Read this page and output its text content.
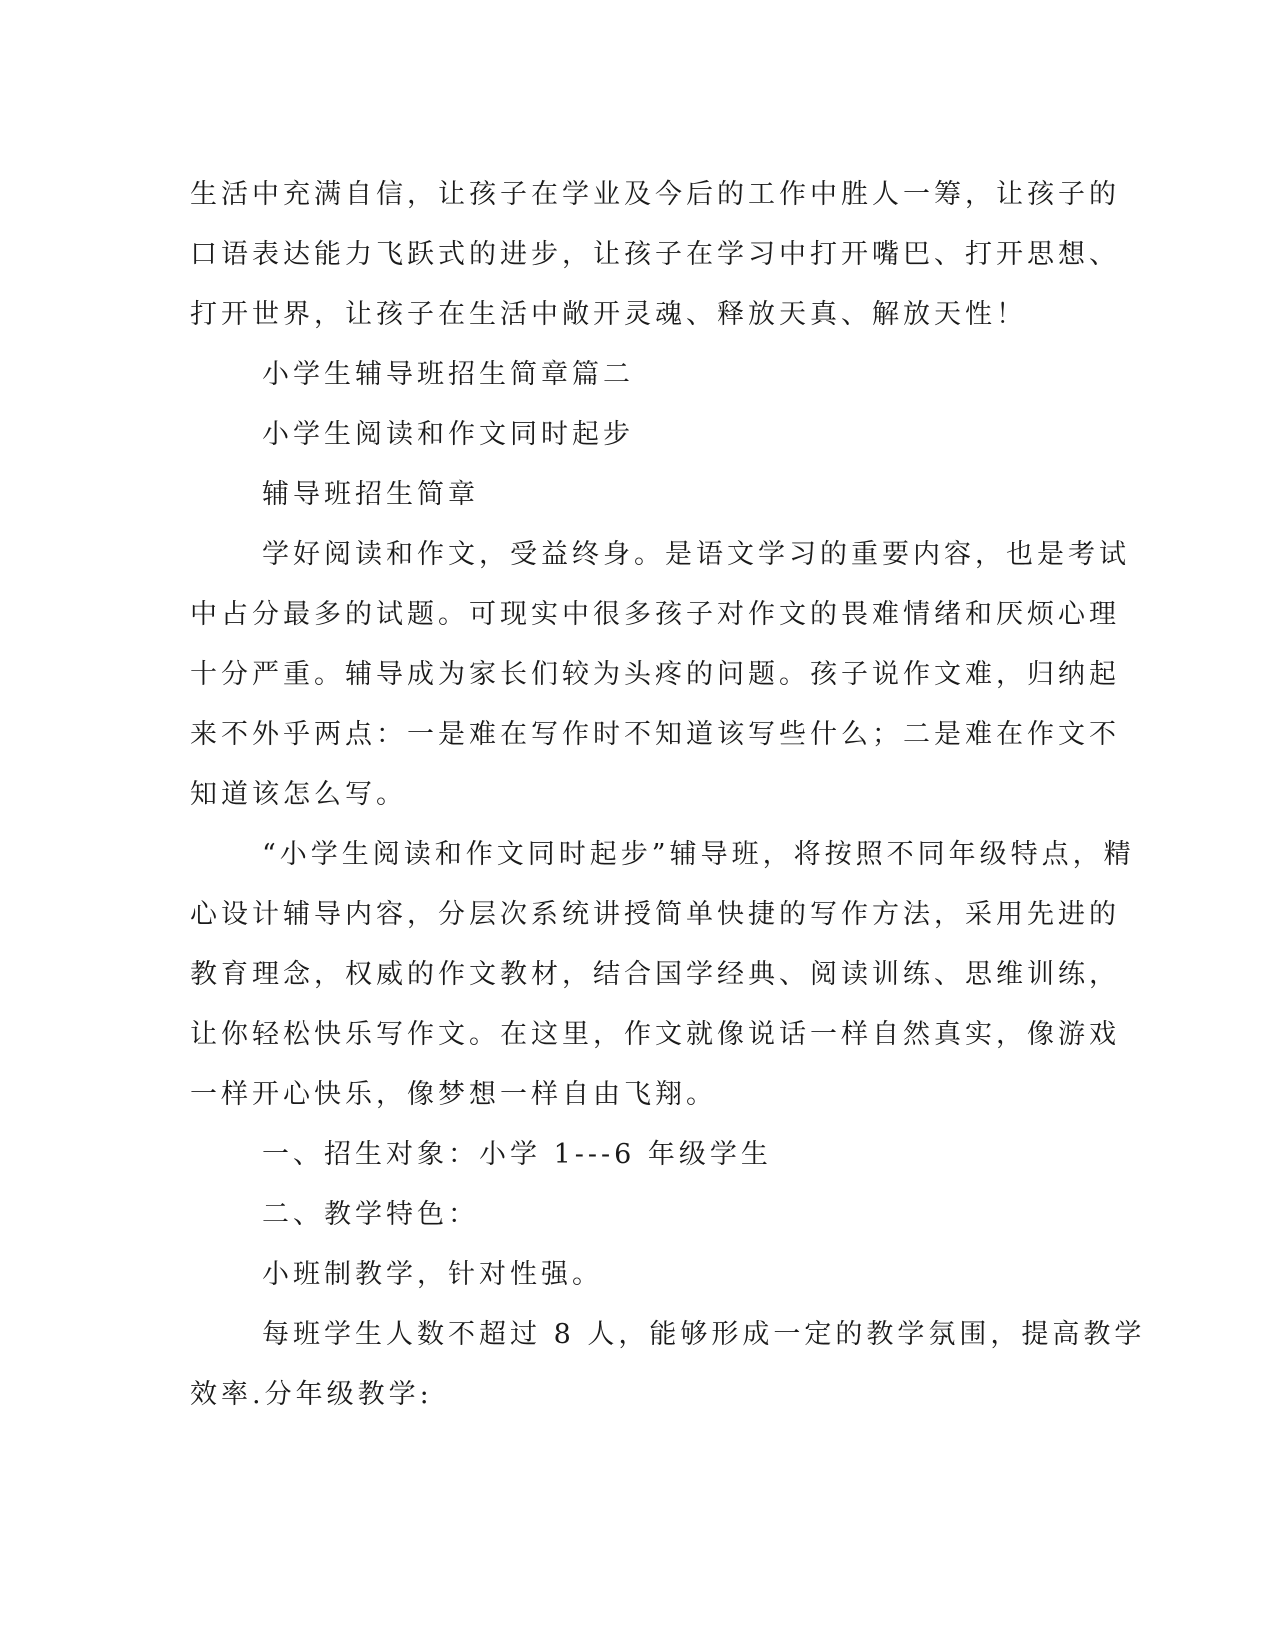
生活中充满自信，让孩子在学业及今后的工作中胜人一筹，让孩子的
口语表达能力飞跃式的进步，让孩子在学习中打开嘴巴、打开思想、
打开世界，让孩子在生活中敞开灵魂、释放天真、解放天性！
小学生辅导班招生简章篇二
小学生阅读和作文同时起步
辅导班招生简章
学好阅读和作文，受益终身。是语文学习的重要内容，也是考试
中占分最多的试题。可现实中很多孩子对作文的畏难情绪和厌烦心理
十分严重。辅导成为家长们较为头疼的问题。孩子说作文难，归纳起
来不外乎两点：一是难在写作时不知道该写些什么；二是难在作文不
知道该怎么写。
“小学生阅读和作文同时起步”辅导班，将按照不同年级特点，精
心设计辅导内容，分层次系统讲授简单快捷的写作方法，采用先进的
教育理念，权威的作文教材，结合国学经典、阅读训练、思维训练，
让你轻松快乐写作文。在这里，作文就像说话一样自然真实，像游戏
一样开心快乐，像梦想一样自由飞翔。
一、招生对象：小学 1---6 年级学生
二、教学特色：
小班制教学，针对性强。
每班学生人数不超过 8 人，能够形成一定的教学氛围，提高教学
效率.分年级教学:
